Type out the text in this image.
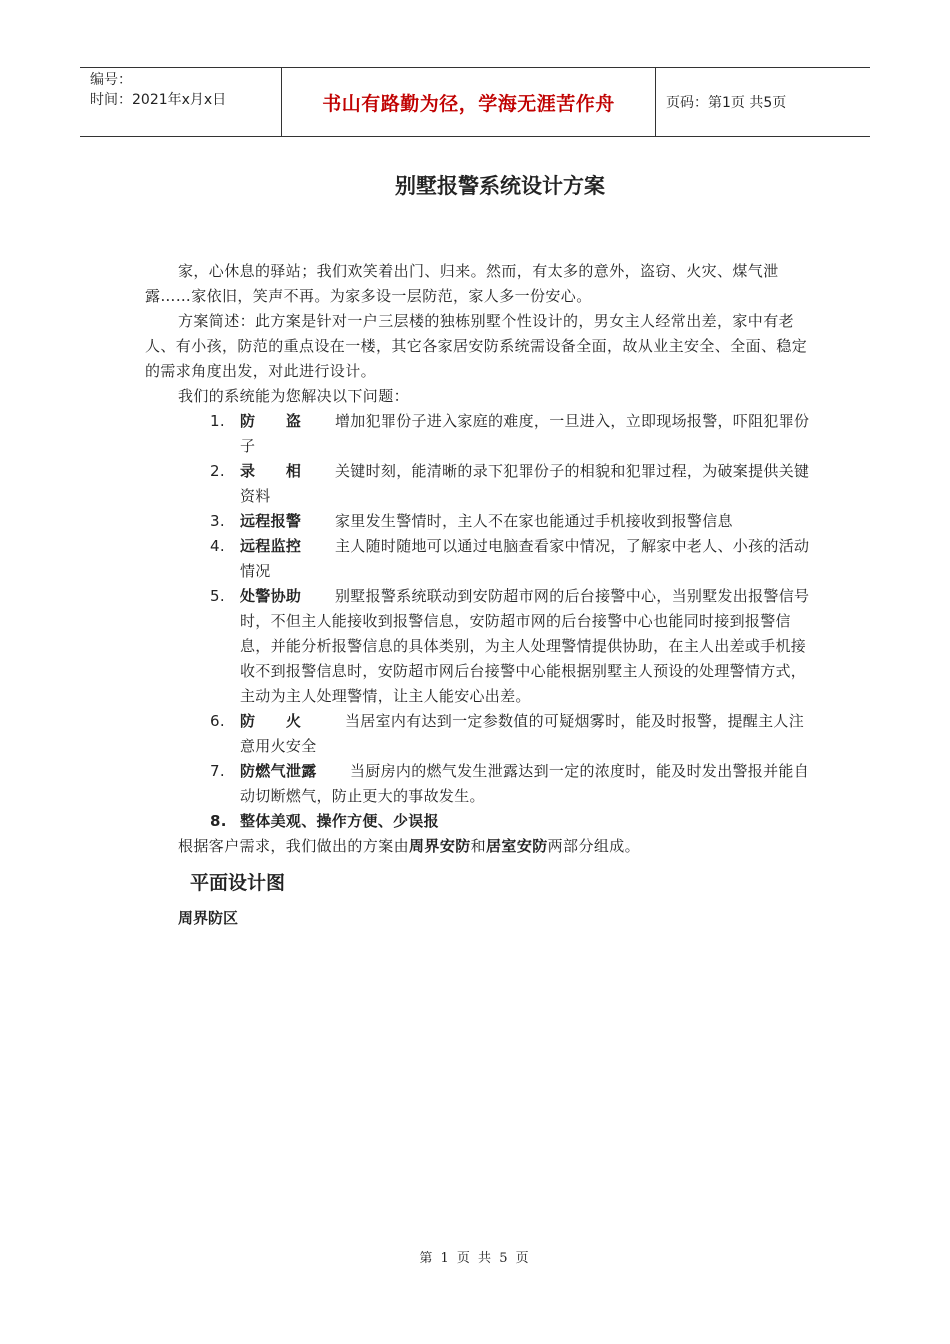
编号：
时间：2021年x月x日	书山有路勤为径，学海无涯苦作舟	页码：第1页 共5页
别墅报警系统设计方案

家，心休息的驿站；我们欢笑着出门、归来。然而，有太多的意外，盗窃、火灾、煤气泄露……家依旧，笑声不再。为家多设一层防范，家人多一份安心。

方案简述：此方案是针对一户三层楼的独栋别墅个性设计的，男女主人经常出差，家中有老人、有小孩，防范的重点设在一楼，其它各家居安防系统需设备全面，故从业主安全、全面、稳定的需求角度出发，对此进行设计。

我们的系统能为您解决以下问题：

1.	防　　盗 增加犯罪份子进入家庭的难度，一旦进入，立即现场报警，吓阻犯罪份子
2.	录　　相 关键时刻，能清晰的录下犯罪份子的相貌和犯罪过程，为破案提供关键资料
3.	远程报警 家里发生警情时，主人不在家也能通过手机接收到报警信息
4.	远程监控 主人随时随地可以通过电脑查看家中情况，了解家中老人、小孩的活动情况
5.	处警协助 别墅报警系统联动到安防超市网的后台接警中心，当别墅发出报警信号时，不但主人能接收到报警信息，安防超市网的后台接警中心也能同时接到报警信息，并能分析报警信息的具体类别，为主人处理警情提供协助，在主人出差或手机接收不到报警信息时，安防超市网后台接警中心能根据别墅主人预设的处理警情方式，主动为主人处理警情，让主人能安心出差。
6.	防　　火	当居室内有达到一定参数值的可疑烟雾时，能及时报警，提醒主人注意用火安全
7.	防燃气泄露 当厨房内的燃气发生泄露达到一定的浓度时，能及时发出警报并能自动切断燃气，防止更大的事故发生。
8. 整体美观、操作方便、少误报

根据客户需求，我们做出的方案由周界安防和居室安防两部分组成。

平面设计图
周界防区
第 1 页 共 5 页
